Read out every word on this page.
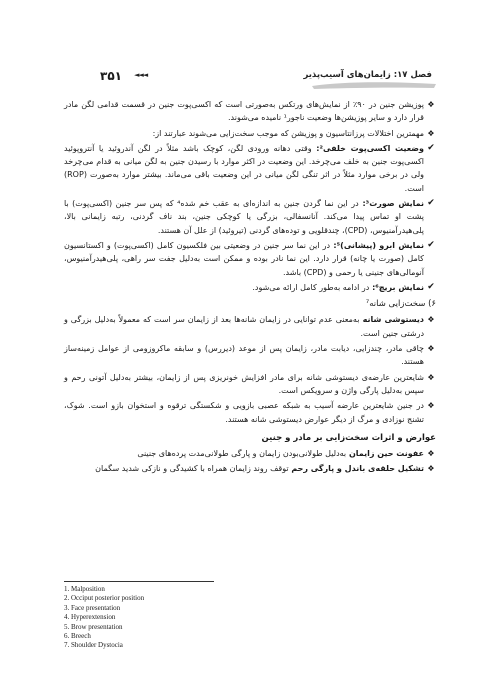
۳۵۱ ◄◄◄	فصل ۱۷: زایمان‌های آسیب‌پذیر
❖
پوزیشن جنین در ۹۰٪ از نمایش‌های ورتکس به‌صورتی است که اکسی‌پوت جنین در قسمت قدامی لگن مادر قرار دارد و سایر پوزیشن‌ها وضعیت ناجور¹ نامیده می‌شوند.
❖
مهمترین اختلالات پرزانتاسیون و پوزیشن که موجب سخت‌زایی می‌شوند عبارتند از:
✔
وضعیت اکسی‌پوت خلفی²: وقتی دهانه ورودی لگن، کوچک باشد مثلاً در لگن آندروئید یا آنتروپوئید اکسی‌پوت جنین به خلف می‌چرخد. این وضعیت در اکثر موارد با رسیدن جنین به لگن میانی به قدام می‌چرخد ولی در برخی موارد مثلاً در اثر تنگی لگن میانی در این وضعیت باقی می‌ماند. بیشتر موارد به‌صورت (ROP) است.
✔
نمایش صورت³: در این نما گردن جنین به اندازه‌ای به عقب خم شده⁴ که پس سر جنین (اکسی‌پوت) با پشت او تماس پیدا می‌کند. آنانسفالی، بزرگی یا کوچکی جنین، بند ناف گردنی، رتبه زایمانی بالا، پلی‌هیدرآمنیوس، (CPD)، چندقلویی و توده‌های گردنی (تیروئید) از علل آن هستند.
✔
نمایش ابرو (پیشانی)⁵: در این نما سر جنین در وضعیتی بین فلکسیون کامل (اکسی‌پوت) و اکستانسیون کامل (صورت یا چانه) قرار دارد. این نما نادر بوده و ممکن است به‌دلیل جفت سر راهی، پلی‌هیدرآمنیوس، آنومالی‌های جنینی یا رحمی و (CPD) باشد.
✔
نمایش بریچ⁶: در ادامه به‌طور کامل ارائه می‌شود.
۶) سخت‌زایی شانه⁷
❖
دیستوشی شانه به‌معنی عدم توانایی در زایمان شانه‌ها بعد از زایمان سر است که معمولاً به‌دلیل بزرگی و درشتی جنین است.
❖
چاقی مادر، چندزایی، دیابت مادر، زایمان پس از موعد (دیررس) و سابقه ماکروزومی از عوامل زمینه‌ساز هستند.
❖
شایعترین عارضه‌ی دیستوشی شانه برای مادر افزایش خونریزی پس از زایمان، بیشتر به‌دلیل آتونی رحم و سپس به‌دلیل پارگی واژن و سرویکس است.
❖
در جنین شایعترین عارضه آسیب به شبکه عصبی بازویی و شکستگی ترقوه و استخوان بازو است. شوک، تشنج نوزادی و مرگ از دیگر عوارض دیستوشی شانه هستند.
عوارض و اثرات سخت‌زایی بر مادر و جنین
❖
عفونت حین زایمان به‌دلیل طولانی‌بودن زایمان و پارگی طولانی‌مدت پرده‌های جنینی
❖
تشکیل حلقه‌ی باندل و پارگی رحم توقف روند زایمان همراه با کشیدگی و نازکی شدید سگمان
1. Malposition
2. Occiput posterior position
3. Face presentation
4. Hyperextension
5. Brow presentation
6. Breech
7. Shoulder Dystocia
